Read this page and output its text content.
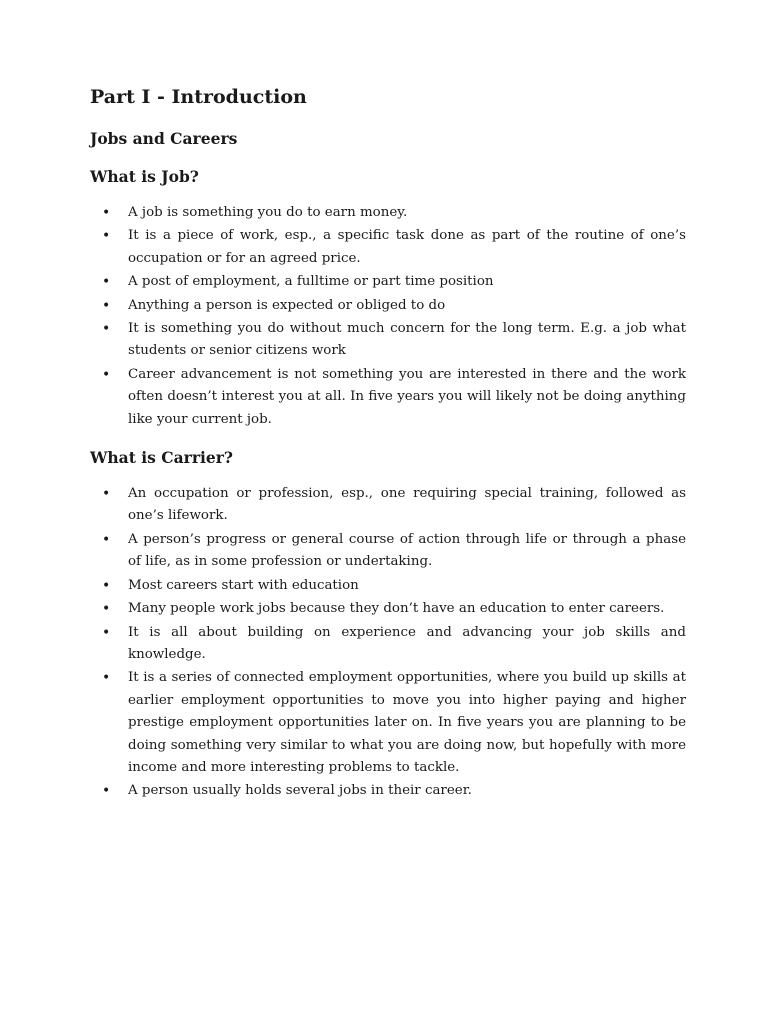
Part I - Introduction
Jobs and Careers
What is Job?
• A job is something you do to earn money.
• It is a piece of work, esp., a specific task done as part of the routine of one’s occupation or for an agreed price.
• A post of employment, a fulltime or part time position
• Anything a person is expected or obliged to do
• It is something you do without much concern for the long term. E.g. a job what students or senior citizens work
• Career advancement is not something you are interested in there and the work often doesn’t interest you at all. In five years you will likely not be doing anything like your current job.
What is Carrier?
• An occupation or profession, esp., one requiring special training, followed as one’s lifework.
• A person’s progress or general course of action through life or through a phase of life, as in some profession or undertaking.
• Most careers start with education
• Many people work jobs because they don’t have an education to enter careers.
• It is all about building on experience and advancing your job skills and knowledge.
• It is a series of connected employment opportunities, where you build up skills at earlier employment opportunities to move you into higher paying and higher prestige employment opportunities later on. In five years you are planning to be doing something very similar to what you are doing now, but hopefully with more income and more interesting problems to tackle.
• A person usually holds several jobs in their career.
